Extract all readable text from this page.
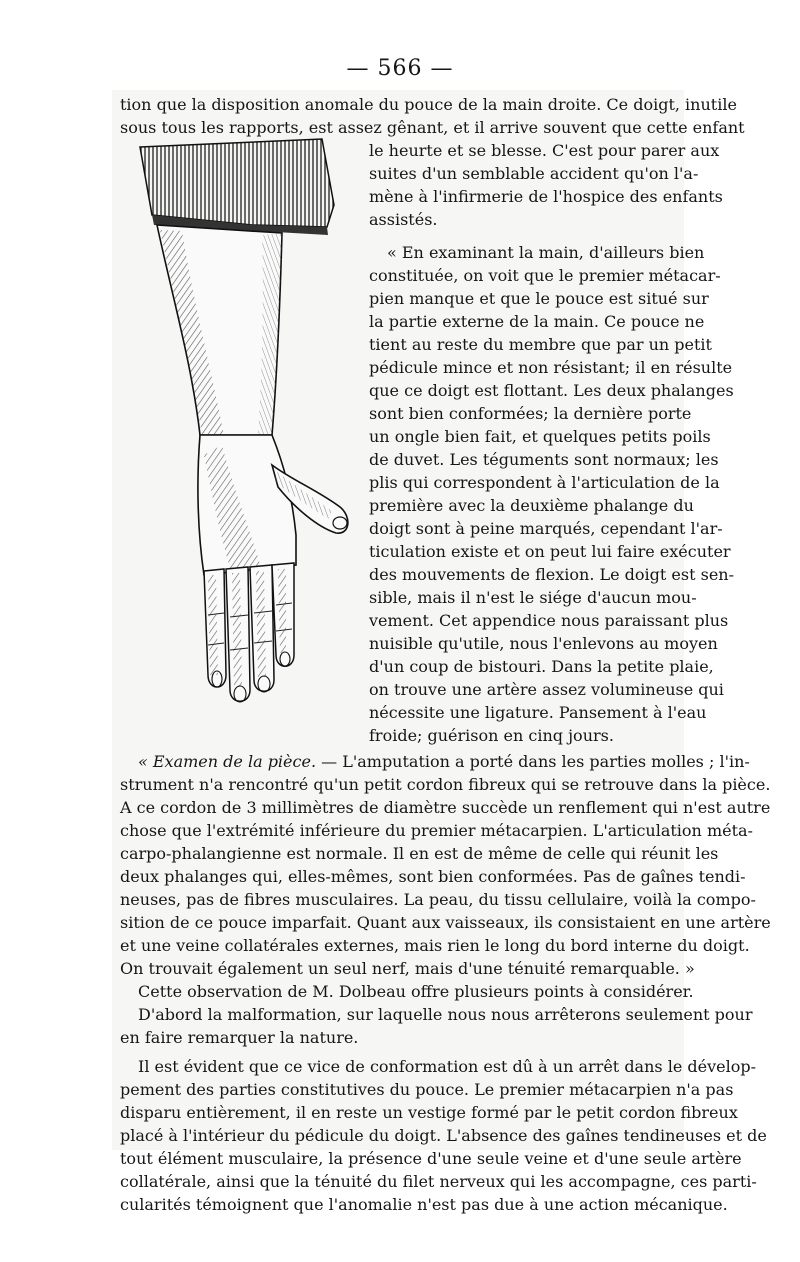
— 566 —
tion que la disposition anomale du pouce de la main droite. Ce doigt, inutile
sous tous les rapports, est assez gênant, et il arrive souvent que cette enfant
le heurte et se blesse. C'est pour parer aux
suites d'un semblable accident qu'on l'a-
mène à l'infirmerie de l'hospice des enfants
assistés.
« En examinant la main, d'ailleurs bien
constituée, on voit que le premier métacar-
pien manque et que le pouce est situé sur
la partie externe de la main. Ce pouce ne
tient au reste du membre que par un petit
pédicule mince et non résistant; il en résulte
que ce doigt est flottant. Les deux phalanges
sont bien conformées; la dernière porte
un ongle bien fait, et quelques petits poils
de duvet. Les téguments sont normaux; les
plis qui correspondent à l'articulation de la
première avec la deuxième phalange du
doigt sont à peine marqués, cependant l'ar-
ticulation existe et on peut lui faire exécuter
des mouvements de flexion. Le doigt est sen-
sible, mais il n'est le siége d'aucun mou-
vement. Cet appendice nous paraissant plus
nuisible qu'utile, nous l'enlevons au moyen
d'un coup de bistouri. Dans la petite plaie,
on trouve une artère assez volumineuse qui
nécessite une ligature. Pansement à l'eau
froide; guérison en cinq jours.
« Examen de la pièce. — L'amputation a porté dans les parties molles ; l'in-
strument n'a rencontré qu'un petit cordon fibreux qui se retrouve dans la pièce.
A ce cordon de 3 millimètres de diamètre succède un renflement qui n'est autre
chose que l'extrémité inférieure du premier métacarpien. L'articulation méta-
carpo-phalangienne est normale. Il en est de même de celle qui réunit les
deux phalanges qui, elles-mêmes, sont bien conformées. Pas de gaînes tendi-
neuses, pas de fibres musculaires. La peau, du tissu cellulaire, voilà la compo-
sition de ce pouce imparfait. Quant aux vaisseaux, ils consistaient en une artère
et une veine collatérales externes, mais rien le long du bord interne du doigt.
On trouvait également un seul nerf, mais d'une ténuité remarquable. »
Cette observation de M. Dolbeau offre plusieurs points à considérer.
D'abord la malformation, sur laquelle nous nous arrêterons seulement pour
en faire remarquer la nature.
Il est évident que ce vice de conformation est dû à un arrêt dans le dévelop-
pement des parties constitutives du pouce. Le premier métacarpien n'a pas
disparu entièrement, il en reste un vestige formé par le petit cordon fibreux
placé à l'intérieur du pédicule du doigt. L'absence des gaînes tendineuses et de
tout élément musculaire, la présence d'une seule veine et d'une seule artère
collatérale, ainsi que la ténuité du filet nerveux qui les accompagne, ces parti-
cularités témoignent que l'anomalie n'est pas due à une action mécanique.
